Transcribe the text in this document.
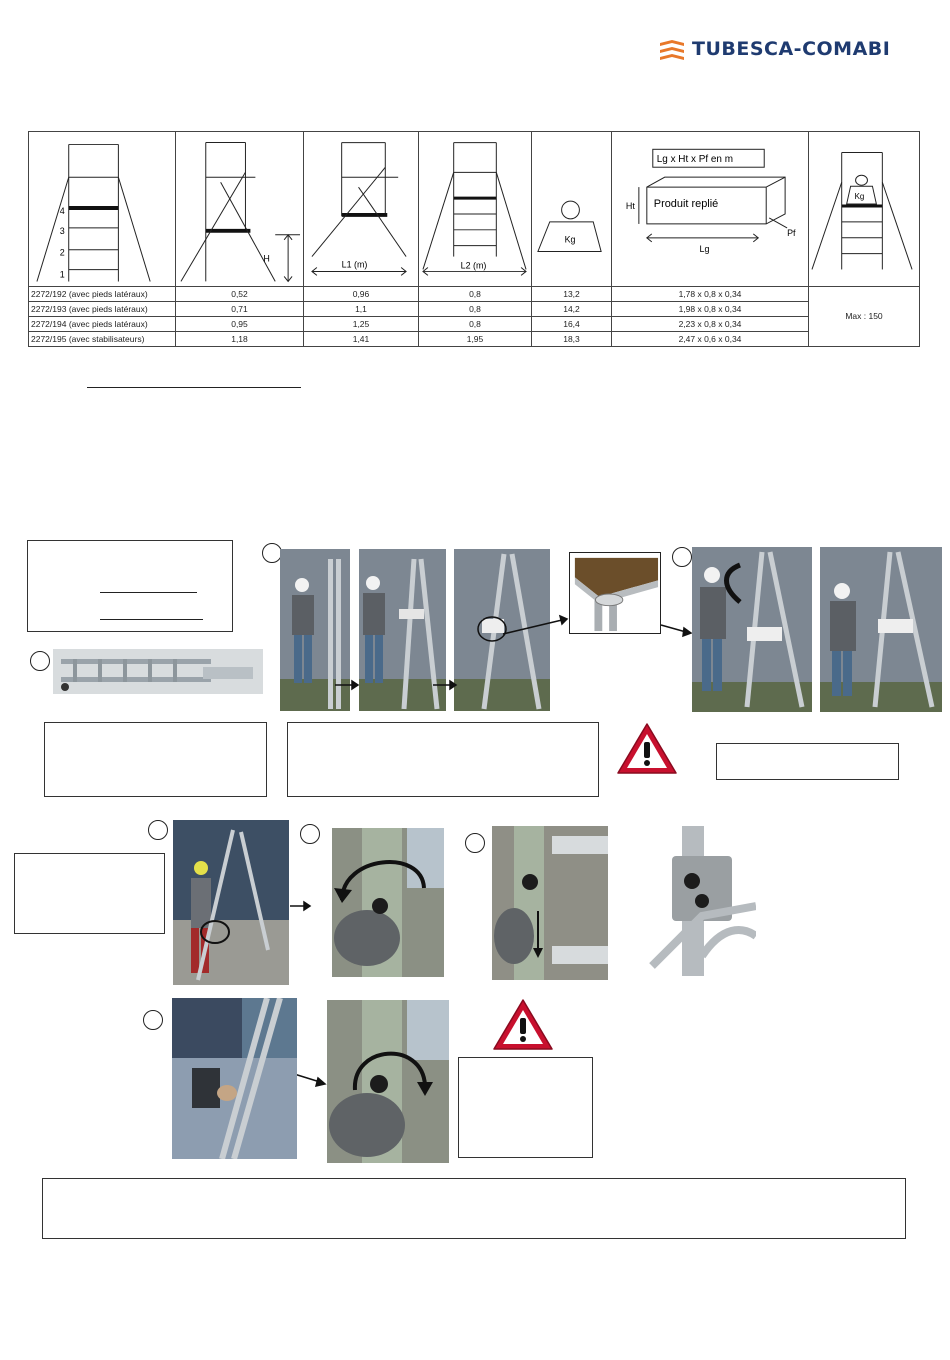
TUBESCA-COMABI
4
3
2
1	H	L1 (m)	L2 (m)	Kg	Lg x Ht x Pf en m
Produit replié
Ht
Lg
Pf	Kg

2272/192 (avec pieds latéraux)	0,52	0,96	0,8	13,2	1,78 x 0,8 x 0,34	Max : 150
2272/193 (avec pieds latéraux)	0,71	1,1	0,8	14,2	1,98 x 0,8 x 0,34	
2272/194 (avec pieds latéraux)	0,95	1,25	0,8	16,4	2,23 x 0,8 x 0,34	
2272/195 (avec stabilisateurs)	1,18	1,41	1,95	18,3	2,47 x 0,6 x 0,34	
